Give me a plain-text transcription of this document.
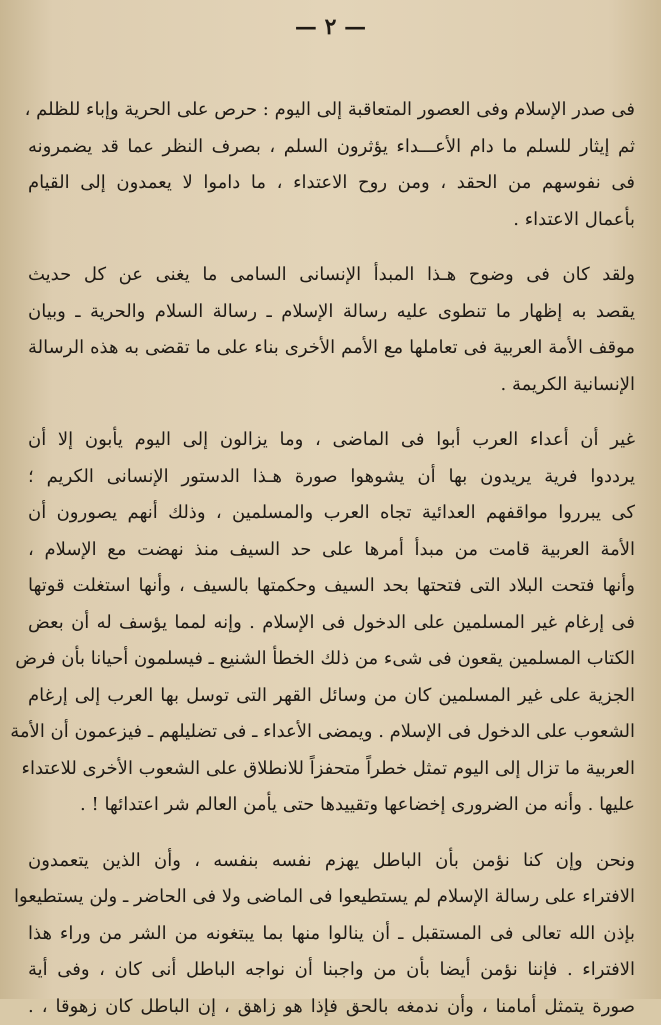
— ٢ —
فى صدر الإسلام وفى العصور المتعاقبة إلى اليوم : حرص على الحرية وإباء للظلم ،
ثم إيثار للسلم ما دام الأعـــداء يؤثرون السلم ، بصرف النظر عما قد يضمرونه
فى نفوسهم من الحقد ، ومن روح الاعتداء ، ما داموا لا يعمدون إلى القيام
بأعمال الاعتداء .
ولقد كان فى وضوح هـذا المبدأ الإنسانى السامى ما يغنى عن كل حديث
يقصد به إظهار ما تنطوى عليه رسالة الإسلام ـ رسالة السلام والحرية ـ وبيان
موقف الأمة العربية فى تعاملها مع الأمم الأخرى بناء على ما تقضى به هذه الرسالة
الإنسانية الكريمة .
غير أن أعداء العرب أبوا فى الماضى ، وما يزالون إلى اليوم يأبون إلا أن
يرددوا فرية يريدون بها أن يشوهوا صورة هـذا الدستور الإنسانى الكريم ؛
كى يبرروا مواقفهم العدائية تجاه العرب والمسلمين ، وذلك أنهم يصورون أن
الأمة العربية قامت من مبدأ أمرها على حد السيف منذ نهضت مع الإسلام ،
وأنها فتحت البلاد التى فتحتها بحد السيف وحكمتها بالسيف ، وأنها استغلت قوتها
فى إرغام غير المسلمين على الدخول فى الإسلام . وإنه لمما يؤسف له أن بعض
الكتاب المسلمين يقعون فى شىء من ذلك الخطأ الشنيع ـ فيسلمون أحيانا بأن فرض
الجزية على غير المسلمين كان من وسائل القهر التى توسل بها العرب إلى إرغام
الشعوب على الدخول فى الإسلام . ويمضى الأعداء ـ فى تضليلهم ـ فيزعمون أن الأمة
العربية ما تزال إلى اليوم تمثل خطراً متحفزاً للانطلاق على الشعوب الأخرى للاعتداء
عليها . وأنه من الضرورى إخضاعها وتقييدها حتى يأمن العالم شر اعتدائها ! .
ونحن وإن كنا نؤمن بأن الباطل يهزم نفسه بنفسه ، وأن الذين يتعمدون
الافتراء على رسالة الإسلام لم يستطيعوا فى الماضى ولا فى الحاضر ـ ولن يستطيعوا
بإذن الله تعالى فى المستقبل ـ أن ينالوا منها بما يبتغونه من الشر من وراء هذا
الافتراء . فإننا نؤمن أيضا بأن من واجبنا أن نواجه الباطل أنى كان ، وفى أية
صورة يتمثل أمامنا ، وأن ندمغه بالحق فإذا هو زاهق ، إن الباطل كان زهوقا ، .
